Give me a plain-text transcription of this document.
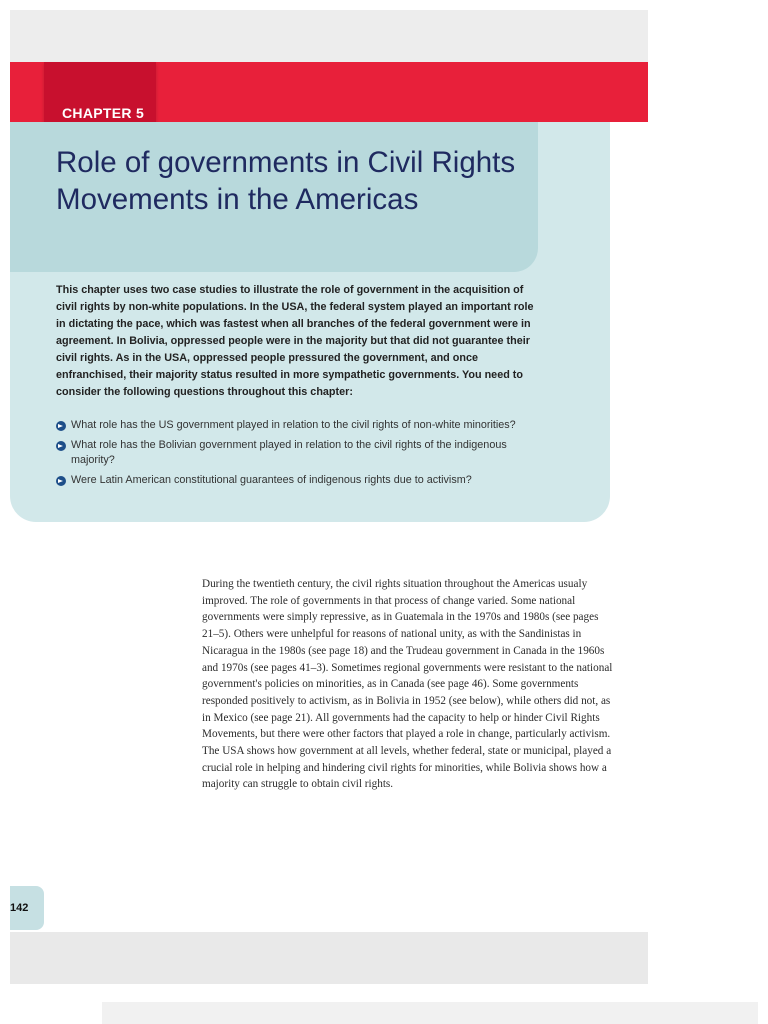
CHAPTER 5
Role of governments in Civil Rights Movements in the Americas

This chapter uses two case studies to illustrate the role of government in the acquisition of civil rights by non-white populations. In the USA, the federal system played an important role in dictating the pace, which was fastest when all branches of the federal government were in agreement. In Bolivia, oppressed people were in the majority but that did not guarantee their civil rights. As in the USA, oppressed people pressured the government, and once enfranchised, their majority status resulted in more sympathetic governments. You need to consider the following questions throughout this chapter:

What role has the US government played in relation to the civil rights of non-white minorities?
What role has the Bolivian government played in relation to the civil rights of the indigenous majority?
Were Latin American constitutional guarantees of indigenous rights due to activism?

During the twentieth century, the civil rights situation throughout the Americas usualy improved. The role of governments in that process of change varied. Some national governments were simply repressive, as in Guatemala in the 1970s and 1980s (see pages 21–5). Others were unhelpful for reasons of national unity, as with the Sandinistas in Nicaragua in the 1980s (see page 18) and the Trudeau government in Canada in the 1960s and 1970s (see pages 41–3). Sometimes regional governments were resistant to the national government's policies on minorities, as in Canada (see page 46). Some governments responded positively to activism, as in Bolivia in 1952 (see below), while others did not, as in Mexico (see page 21). All governments had the capacity to help or hinder Civil Rights Movements, but there were other factors that played a role in change, particularly activism. The USA shows how government at all levels, whether federal, state or municipal, played a crucial role in helping and hindering civil rights for minorities, while Bolivia shows how a majority can struggle to obtain civil rights.

142
